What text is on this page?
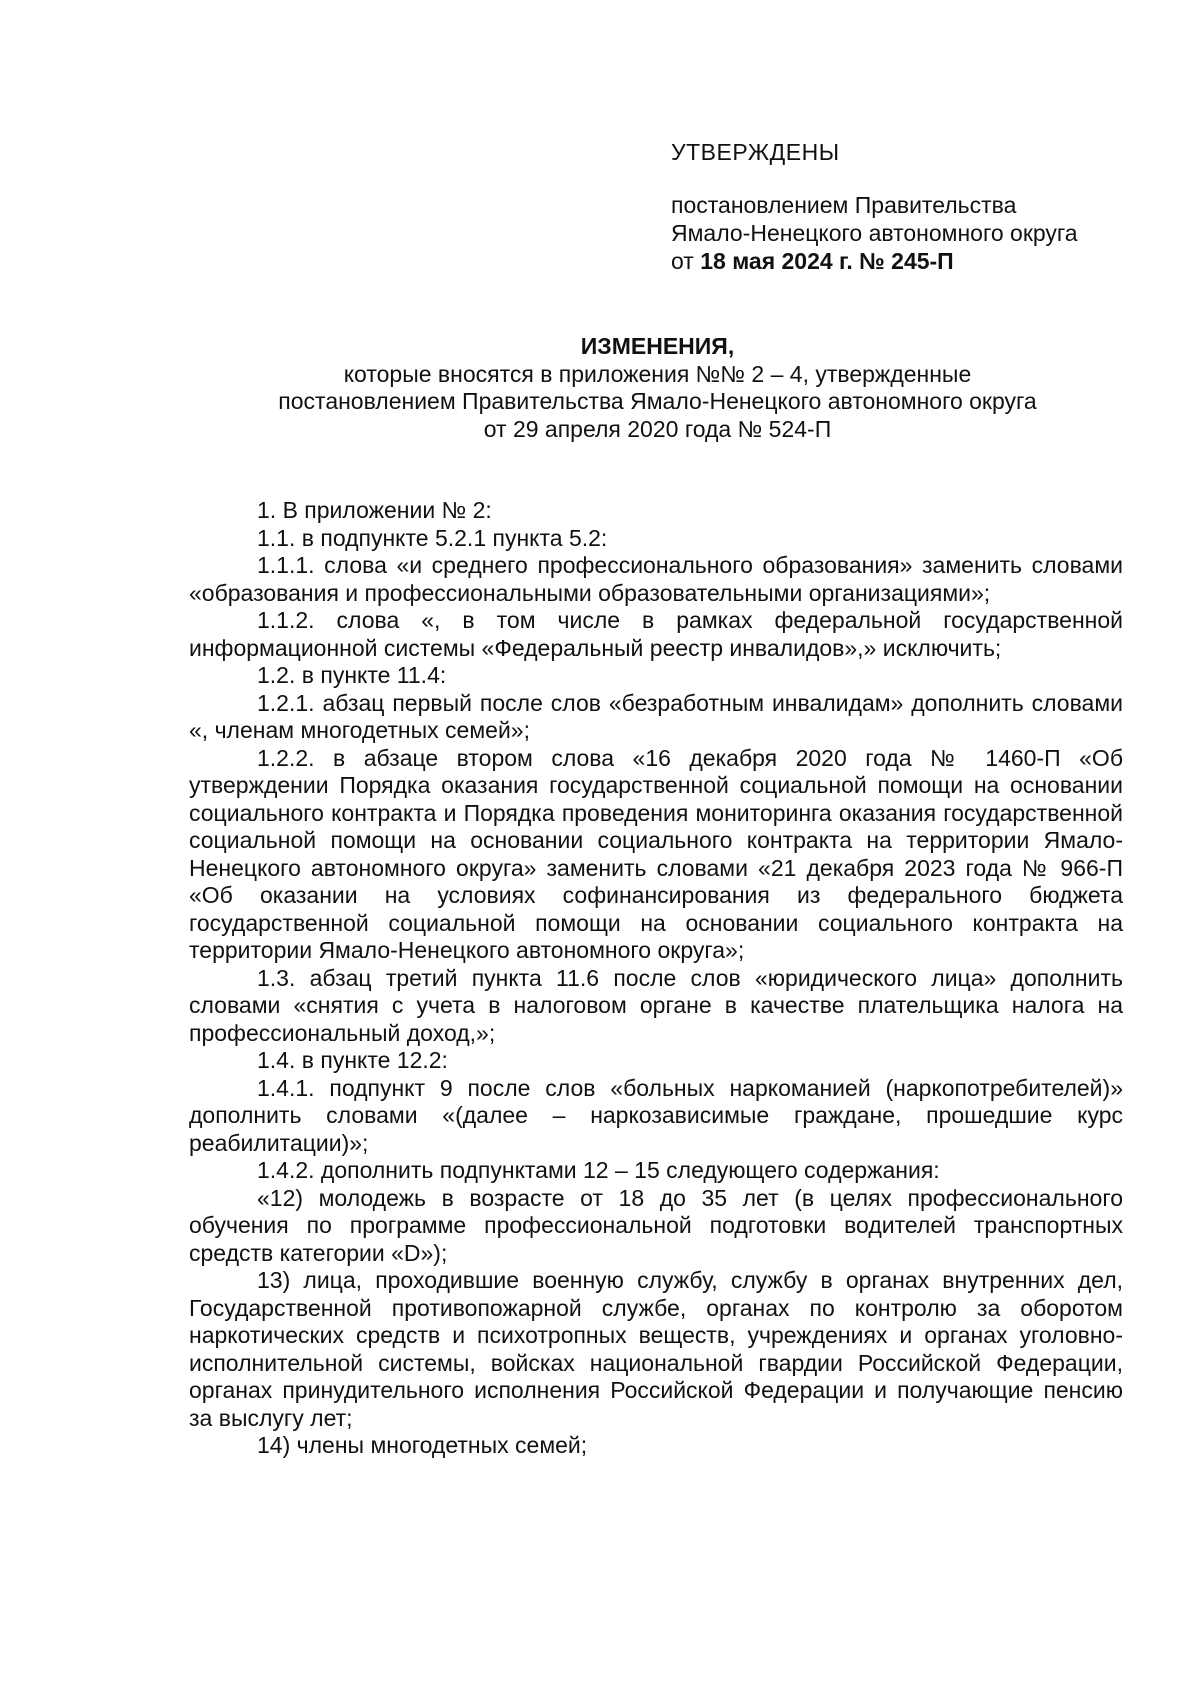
УТВЕРЖДЕНЫ
постановлением Правительства
Ямало-Ненецкого автономного округа
от 18 мая 2024 г. № 245-П
ИЗМЕНЕНИЯ,
которые вносятся в приложения №№ 2 – 4, утвержденные
постановлением Правительства Ямало-Ненецкого автономного округа
от 29 апреля 2020 года № 524-П

1. В приложении № 2:

1.1. в подпункте 5.2.1 пункта 5.2:

1.1.1. слова «и среднего профессионального образования» заменить словами «образования и профессиональными образовательными организациями»;

1.1.2. слова «, в том числе в рамках федеральной государственной информационной системы «Федеральный реестр инвалидов»,» исключить;

1.2. в пункте 11.4:

1.2.1. абзац первый после слов «безработным инвалидам» дополнить словами «, членам многодетных семей»;

1.2.2. в абзаце втором слова «16 декабря 2020 года № 1460-П «Об утверждении Порядка оказания государственной социальной помощи на основании социального контракта и Порядка проведения мониторинга оказания государственной социальной помощи на основании социального контракта на территории Ямало-Ненецкого автономного округа» заменить словами «21 декабря 2023 года № 966-П «Об оказании на условиях софинансирования из федерального бюджета государственной социальной помощи на основании социального контракта на территории Ямало-Ненецкого автономного округа»;

1.3. абзац третий пункта 11.6 после слов «юридического лица» дополнить словами «снятия с учета в налоговом органе в качестве плательщика налога на профессиональный доход,»;

1.4. в пункте 12.2:

1.4.1. подпункт 9 после слов «больных наркоманией (наркопотребителей)» дополнить словами «(далее – наркозависимые граждане, прошедшие курс реабилитации)»;

1.4.2. дополнить подпунктами 12 – 15 следующего содержания:

«12) молодежь в возрасте от 18 до 35 лет (в целях профессионального обучения по программе профессиональной подготовки водителей транспортных средств категории «D»);

13) лица, проходившие военную службу, службу в органах внутренних дел, Государственной противопожарной службе, органах по контролю за оборотом наркотических средств и психотропных веществ, учреждениях и органах уголовно-исполнительной системы, войсках национальной гвардии Российской Федерации, органах принудительного исполнения Российской Федерации и получающие пенсию за выслугу лет;

14) члены многодетных семей;
